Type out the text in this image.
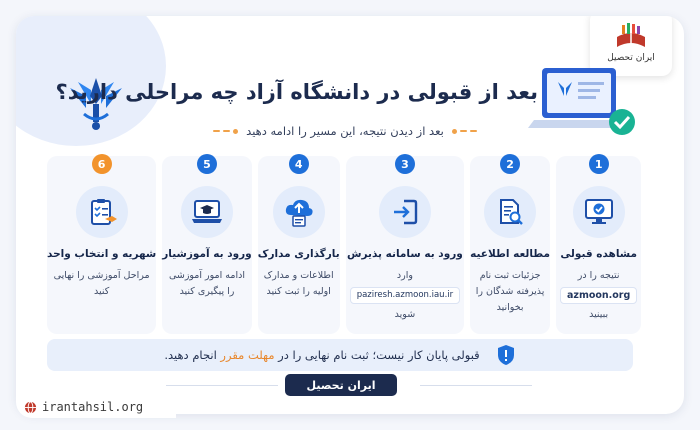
ایران تحصیل
بعد از قبولی در دانشگاه آزاد چه مراحلی دارید؟
بعد از دیدن نتیجه، این مسیر را ادامه دهید
6
شهریه و انتخاب واحد
مراحل آموزشی را نهایی کنید
5
ورود به آموزشیار
ادامه امور آموزشی را پیگیری کنید
4
بارگذاری مدارک
اطلاعات و مدارک اولیه را ثبت کنید
3
ورود به سامانه پذیرش
وارد
paziresh.azmoon.iau.ir
شوید
2
مطالعه اطلاعیه
جزئیات ثبت نام پذیرفته شدگان را بخوانید
1
مشاهده قبولی
نتیجه را در
azmoon.org
ببینید
قبولی پایان کار نیست؛ ثبت نام نهایی را در مهلت مقرر انجام دهید.
ایران تحصیل
irantahsil.org
